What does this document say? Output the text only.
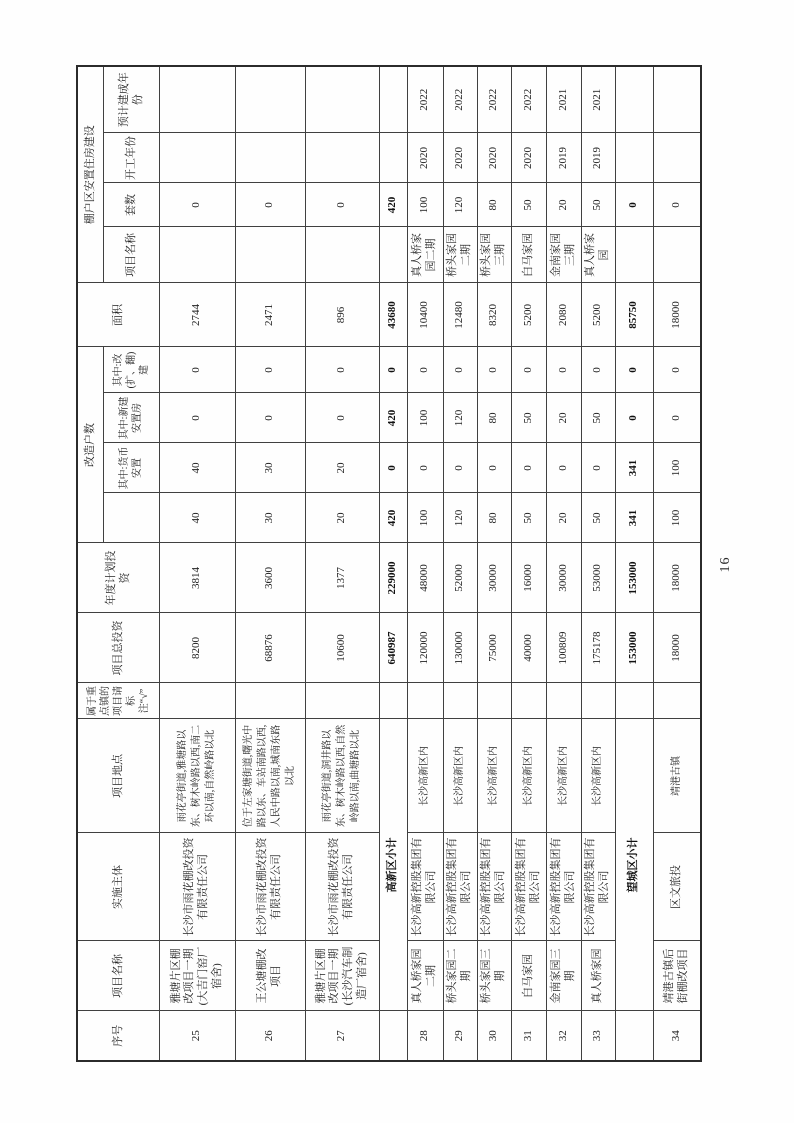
序号	项目名称	实施主体	项目地点	属于重点镇的项目请标注“√”	项目总投资	年度计划投资	改造户数				面积	棚户区安置住房建设			
								其中:货币安置	其中:新建安置房	其中:改(扩、翻)建		项目名称	套数	开工年份	预计建成年份
25	雅塘片区棚改项目一期(大吉门窑厂宿舍)	长沙市雨花棚改投资有限责任公司	雨花亭街道,雅塘路以东、树木岭路以西,南二环以南,自然岭路以北		8200	3814	40	40	0	0	2744		0		
26	王公塘棚改项目	长沙市雨花棚改投资有限责任公司	位于左家塘街道,曙光中路以东、车站南路以西,人民中路以南,城南东路以北		68876	3600	30	30	0	0	2471		0		
27	雅塘片区棚改项目一期(长沙汽车制造厂宿舍)	长沙市雨花棚改投资有限责任公司	雨花亭街道,洞井路以东、树木岭路以西,自然岭路以南,曲塘路以北		10600	1377	20	20	0	0	896		0		
	高新区小计				640987	229000	420	0	420	0	43680		420		
28	真人桥家园二期	长沙高新控股集团有限公司	长沙高新区内		120000	48000	100	0	100	0	10400	真人桥家园二期	100	2020	2022
29	桥头家园二期	长沙高新控股集团有限公司	长沙高新区内		130000	52000	120	0	120	0	12480	桥头家园二期	120	2020	2022
30	桥头家园三期	长沙高新控股集团有限公司	长沙高新区内		75000	30000	80	0	80	0	8320	桥头家园三期	80	2020	2022
31	白马家园	长沙高新控股集团有限公司	长沙高新区内		40000	16000	50	0	50	0	5200	白马家园	50	2020	2022
32	金南家园三期	长沙高新控股集团有限公司	长沙高新区内		100809	30000	20	0	20	0	2080	金南家园三期	20	2019	2021
33	真人桥家园	长沙高新控股集团有限公司	长沙高新区内		175178	53000	50	0	50	0	5200	真人桥家园	50	2019	2021
	望城区小计				153000	153000	341	341	0	0	85750		0		
34	靖港古镇后街棚改项目	区文旅投	靖港古镇		18000	18000	100	100	0	0	18000		0		
16
